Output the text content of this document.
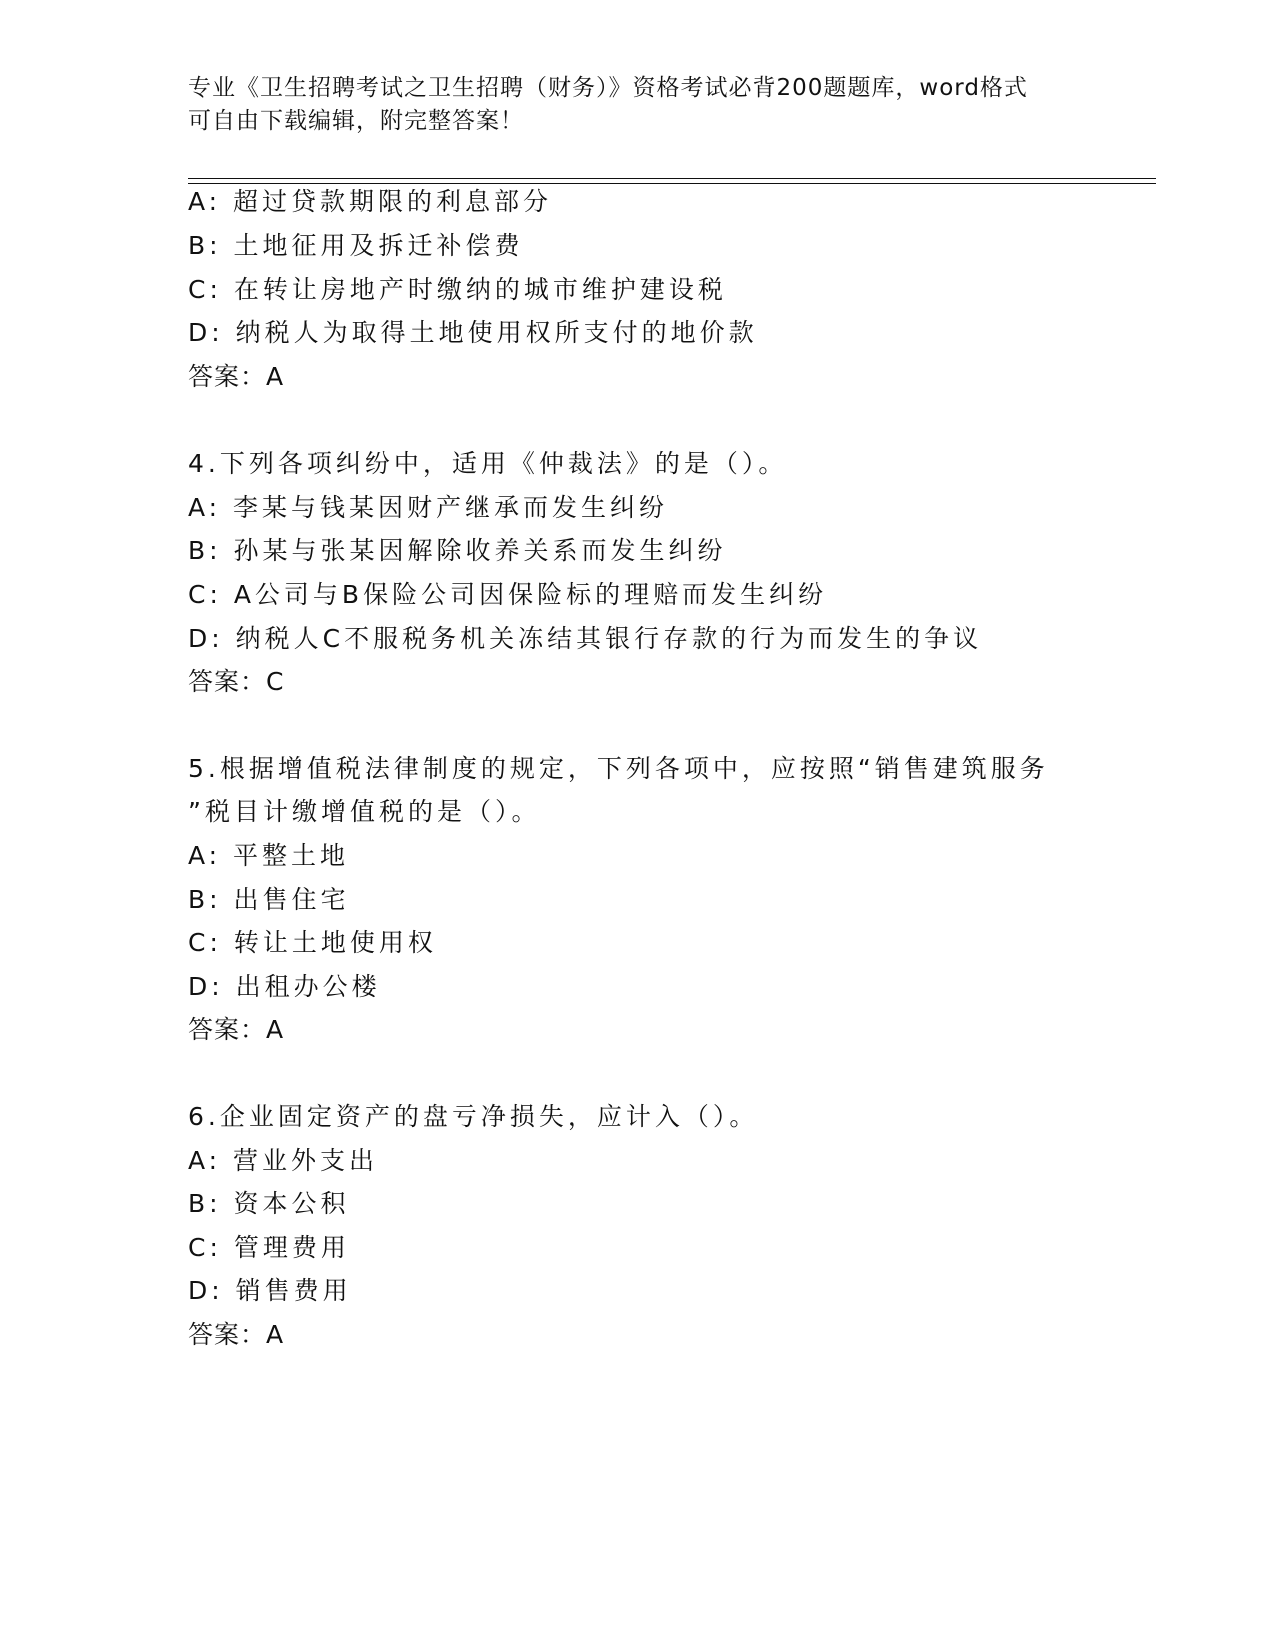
专业《卫生招聘考试之卫生招聘（财务）》资格考试必背200题题库，word格式
可自由下载编辑，附完整答案！
A: 超过贷款期限的利息部分
B: 土地征用及拆迁补偿费
C: 在转让房地产时缴纳的城市维护建设税
D: 纳税人为取得土地使用权所支付的地价款
答案：A
4.下列各项纠纷中，适用《仲裁法》的是（）。
A: 李某与钱某因财产继承而发生纠纷
B: 孙某与张某因解除收养关系而发生纠纷
C: A公司与B保险公司因保险标的理赔而发生纠纷
D: 纳税人C不服税务机关冻结其银行存款的行为而发生的争议
答案：C
5.根据增值税法律制度的规定，下列各项中，应按照“销售建筑服务
”税目计缴增值税的是（）。
A: 平整土地
B: 出售住宅
C: 转让土地使用权
D: 出租办公楼
答案：A
6.企业固定资产的盘亏净损失，应计入（）。
A: 营业外支出
B: 资本公积
C: 管理费用
D: 销售费用
答案：A
